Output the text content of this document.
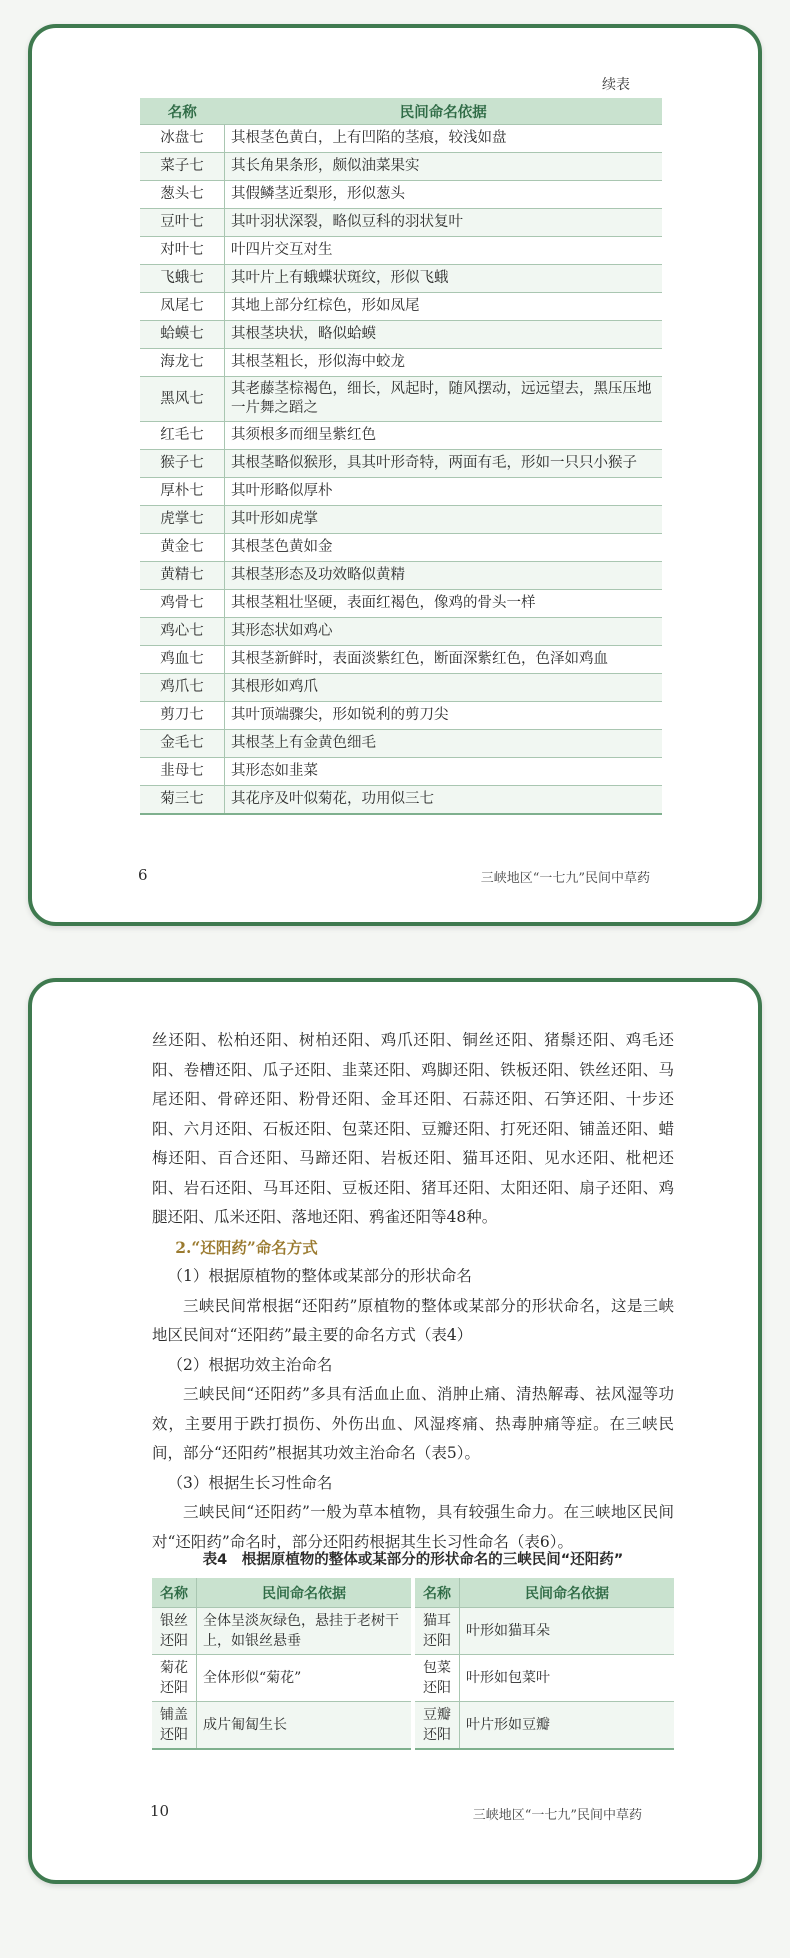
续表
名称	民间命名依据
冰盘七	其根茎色黄白，上有凹陷的茎痕，较浅如盘
菜子七	其长角果条形，颇似油菜果实
葱头七	其假鳞茎近梨形，形似葱头
豆叶七	其叶羽状深裂，略似豆科的羽状复叶
对叶七	叶四片交互对生
飞蛾七	其叶片上有蛾蝶状斑纹，形似飞蛾
凤尾七	其地上部分红棕色，形如凤尾
蛤蟆七	其根茎块状，略似蛤蟆
海龙七	其根茎粗长，形似海中蛟龙
黑风七	其老藤茎棕褐色，细长，风起时，随风摆动，远远望去，黑压压地一片舞之蹈之
红毛七	其须根多而细呈紫红色
猴子七	其根茎略似猴形，具其叶形奇特，两面有毛，形如一只只小猴子
厚朴七	其叶形略似厚朴
虎掌七	其叶形如虎掌
黄金七	其根茎色黄如金
黄精七	其根茎形态及功效略似黄精
鸡骨七	其根茎粗壮坚硬，表面红褐色，像鸡的骨头一样
鸡心七	其形态状如鸡心
鸡血七	其根茎新鲜时，表面淡紫红色，断面深紫红色，色泽如鸡血
鸡爪七	其根形如鸡爪
剪刀七	其叶顶端骤尖，形如锐利的剪刀尖
金毛七	其根茎上有金黄色细毛
韭母七	其形态如韭菜
菊三七	其花序及叶似菊花，功用似三七
6	三峡地区“一七九”民间中草药

丝还阳、松柏还阳、树柏还阳、鸡爪还阳、铜丝还阳、猪鬃还阳、鸡毛还阳、卷槽还阳、瓜子还阳、韭菜还阳、鸡脚还阳、铁板还阳、铁丝还阳、马尾还阳、骨碎还阳、粉骨还阳、金耳还阳、石蒜还阳、石笋还阳、十步还阳、六月还阳、石板还阳、包菜还阳、豆瓣还阳、打死还阳、铺盖还阳、蜡梅还阳、百合还阳、马蹄还阳、岩板还阳、猫耳还阳、见水还阳、枇杷还阳、岩石还阳、马耳还阳、豆板还阳、猪耳还阳、太阳还阳、扇子还阳、鸡腿还阳、瓜米还阳、落地还阳、鸦雀还阳等48种。

2.“还阳药”命名方式

（1）根据原植物的整体或某部分的形状命名

三峡民间常根据“还阳药”原植物的整体或某部分的形状命名，这是三峡地区民间对“还阳药”最主要的命名方式（表4）

（2）根据功效主治命名

三峡民间“还阳药”多具有活血止血、消肿止痛、清热解毒、祛风湿等功效，主要用于跌打损伤、外伤出血、风湿疼痛、热毒肿痛等症。在三峡民间，部分“还阳药”根据其功效主治命名（表5）。

（3）根据生长习性命名

三峡民间“还阳药”一般为草本植物，具有较强生命力。在三峡地区民间对“还阳药”命名时，部分还阳药根据其生长习性命名（表6）。

表4　根据原植物的整体或某部分的形状命名的三峡民间“还阳药”
名称	民间命名依据
银丝还阳	全体呈淡灰绿色，悬挂于老树干上，如银丝悬垂
菊花还阳	全体形似“菊花”
铺盖还阳	成片匍匐生长
名称	民间命名依据
猫耳还阳	叶形如猫耳朵
包菜还阳	叶形如包菜叶
豆瓣还阳	叶片形如豆瓣
10	三峡地区“一七九”民间中草药
